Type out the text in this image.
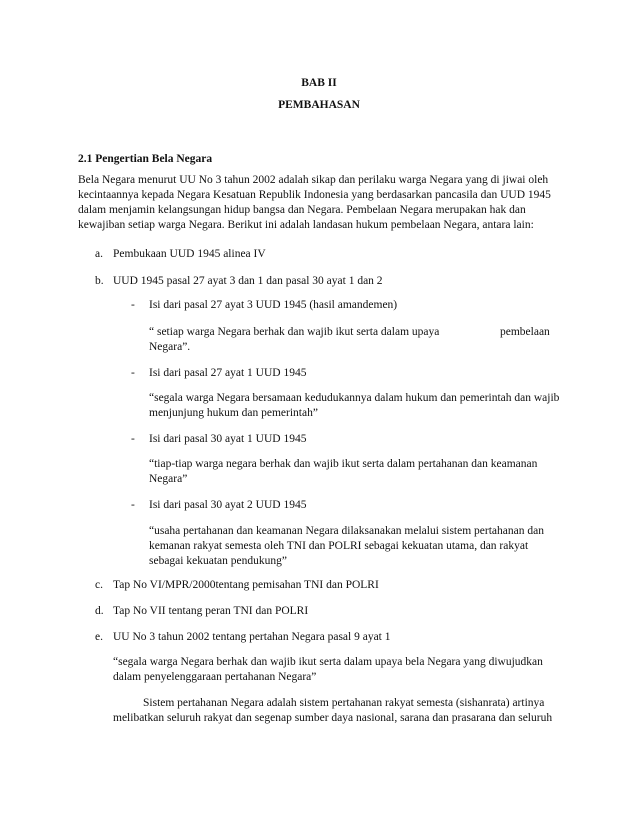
BAB II
PEMBAHASAN
2.1 Pengertian Bela Negara
Bela Negara menurut UU No 3 tahun 2002 adalah sikap dan perilaku warga Negara yang di jiwai oleh
kecintaannya kepada Negara Kesatuan Republik Indonesia yang berdasarkan pancasila dan UUD 1945
dalam menjamin kelangsungan hidup bangsa dan Negara. Pembelaan Negara merupakan hak dan
kewajiban setiap warga Negara. Berikut ini adalah landasan hukum pembelaan Negara, antara lain:
a. Pembukaan UUD 1945 alinea IV
b. UUD 1945 pasal 27 ayat 3 dan 1 dan pasal 30 ayat 1 dan 2
- Isi dari pasal 27 ayat 3 UUD 1945 (hasil amandemen)
“ setiap warga Negara berhak dan wajib ikut serta dalam upaya
Negara”.
pembelaan
- Isi dari pasal 27 ayat 1 UUD 1945
“segala warga Negara bersamaan kedudukannya dalam hukum dan pemerintah dan wajib
menjunjung hukum dan pemerintah”
- Isi dari pasal 30 ayat 1 UUD 1945
“tiap-tiap warga negara berhak dan wajib ikut serta dalam pertahanan dan keamanan
Negara”
- Isi dari pasal 30 ayat 2 UUD 1945
“usaha pertahanan dan keamanan Negara dilaksanakan melalui sistem pertahanan dan
kemanan rakyat semesta oleh TNI dan POLRI sebagai kekuatan utama, dan rakyat
sebagai kekuatan pendukung”
c. Tap No VI/MPR/2000tentang pemisahan TNI dan POLRI
d. Tap No VII tentang peran TNI dan POLRI
e. UU No 3 tahun 2002 tentang pertahan Negara pasal 9 ayat 1
“segala warga Negara berhak dan wajib ikut serta dalam upaya bela Negara yang diwujudkan
dalam penyelenggaraan pertahanan Negara”
Sistem pertahanan Negara adalah sistem pertahanan rakyat semesta (sishanrata) artinya
melibatkan seluruh rakyat dan segenap sumber daya nasional, sarana dan prasarana dan seluruh
